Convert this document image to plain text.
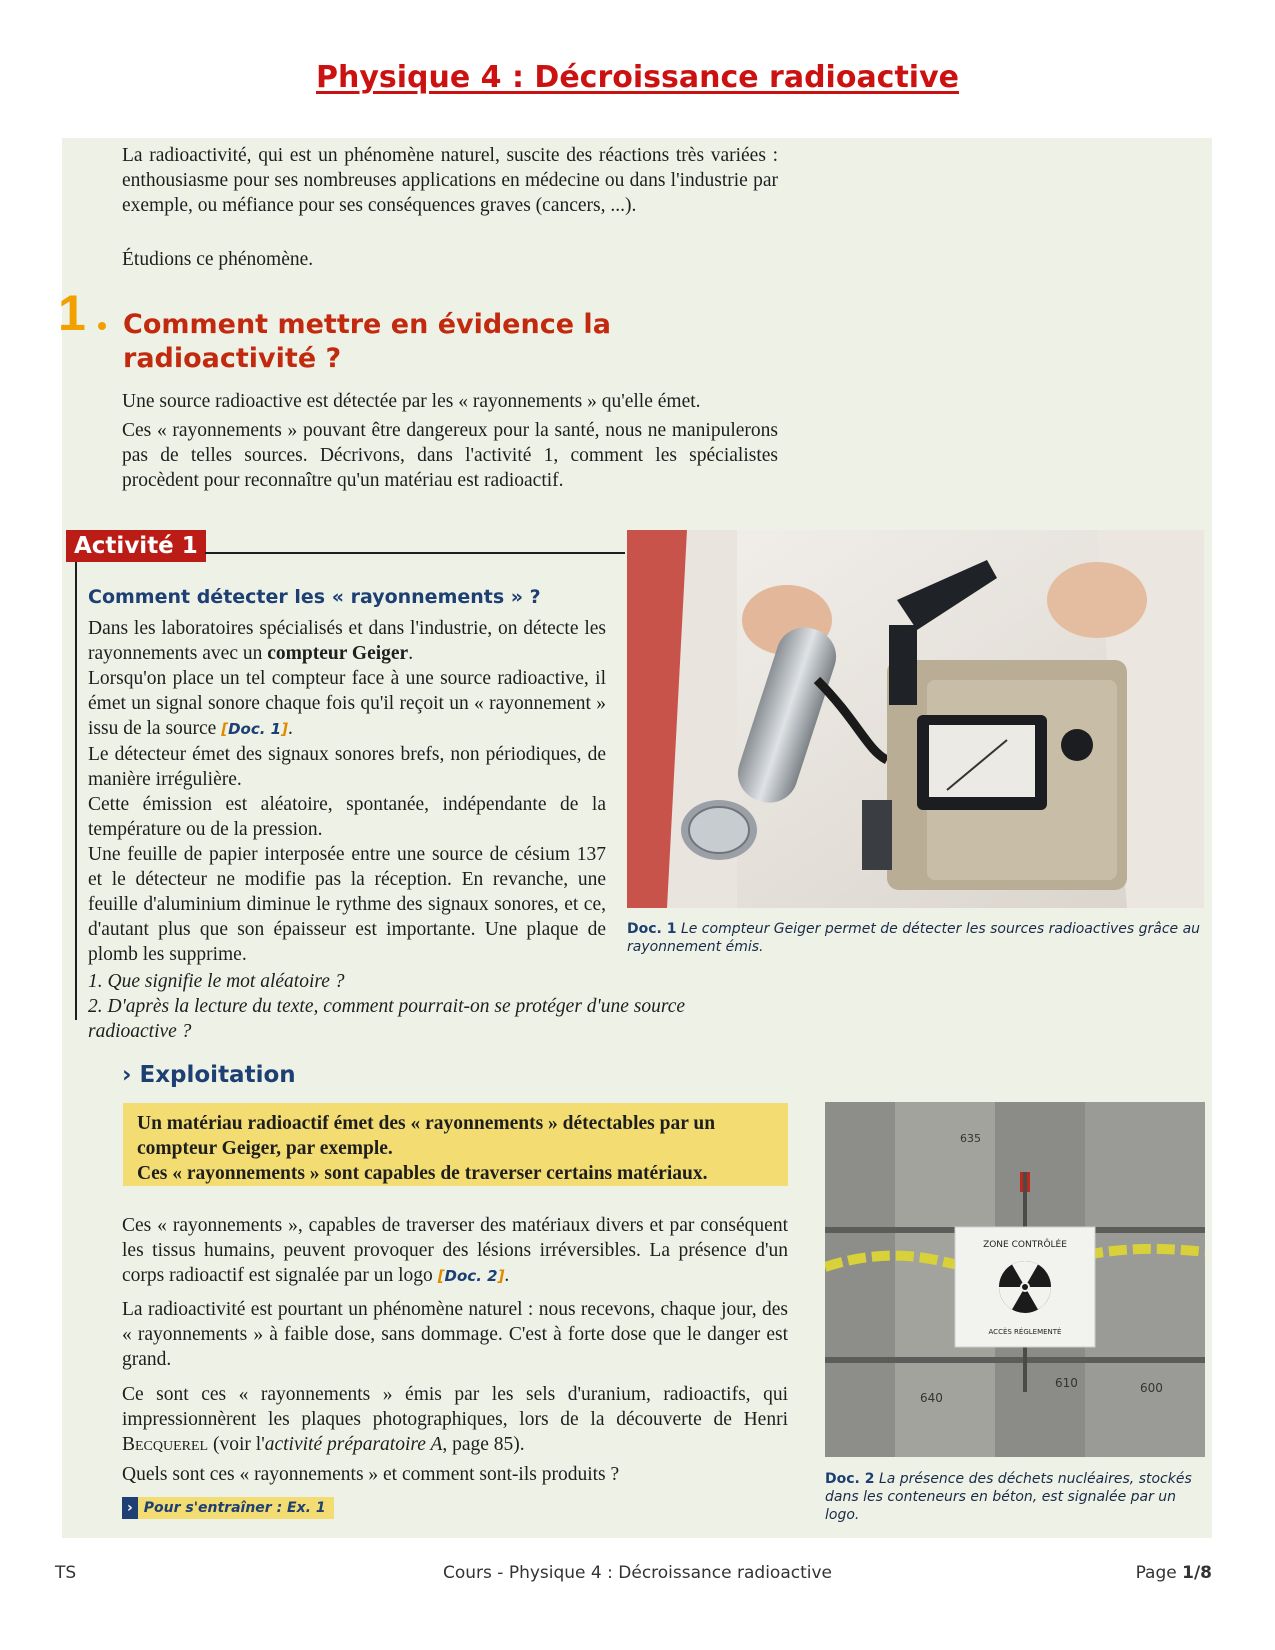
Physique 4 : Décroissance radioactive

La radioactivité, qui est un phénomène naturel, suscite des réactions très variées : enthousiasme pour ses nombreuses applications en médecine ou dans l'industrie par exemple, ou méfiance pour ses conséquences graves (cancers, ...).

Étudions ce phénomène.

1 Comment mettre en évidence la radioactivité ?

Une source radioactive est détectée par les « rayonnements » qu'elle émet.

Ces « rayonnements » pouvant être dangereux pour la santé, nous ne manipulerons pas de telles sources. Décrivons, dans l'activité 1, comment les spécialistes procèdent pour reconnaître qu'un matériau est radioactif.

Activité 1
Comment détecter les « rayonnements » ?
Dans les laboratoires spécialisés et dans l'industrie, on détecte les rayonnements avec un compteur Geiger.
Lorsqu'on place un tel compteur face à une source radioactive, il émet un signal sonore chaque fois qu'il reçoit un « rayonnement » issu de la source [Doc. 1].
Le détecteur émet des signaux sonores brefs, non périodiques, de manière irrégulière.
Cette émission est aléatoire, spontanée, indépendante de la température ou de la pression.
Une feuille de papier interposée entre une source de césium 137 et le détecteur ne modifie pas la réception. En revanche, une feuille d'aluminium diminue le rythme des signaux sonores, et ce, d'autant plus que son épaisseur est importante. Une plaque de plomb les supprime.

1. Que signifie le mot aléatoire ?

2. D'après la lecture du texte, comment pourrait-on se protéger d'une source radioactive ?

Doc. 1 Le compteur Geiger permet de détecter les sources radioactives grâce au rayonnement émis.
› Exploitation

Un matériau radioactif émet des « rayonnements » détectables par un compteur Geiger, par exemple.

Ces « rayonnements » sont capables de traverser certains matériaux.

Ces « rayonnements », capables de traverser des matériaux divers et par conséquent les tissus humains, peuvent provoquer des lésions irréversibles. La présence d'un corps radioactif est signalée par un logo [Doc. 2].

La radioactivité est pourtant un phénomène naturel : nous recevons, chaque jour, des « rayonnements » à faible dose, sans dommage. C'est à forte dose que le danger est grand.

Ce sont ces « rayonnements » émis par les sels d'uranium, radioactifs, qui impressionnèrent les plaques photographiques, lors de la découverte de Henri Becquerel (voir l'activité préparatoire A, page 85).

Quels sont ces « rayonnements » et comment sont-ils produits ?

› Pour s'entraîner : Ex. 1
ZONE CONTRÔLÉE
ACCÈS RÉGLEMENTÉ
635
610	600
640
Doc. 2 La présence des déchets nucléaires, stockés dans les conteneurs en béton, est signalée par un logo.
TS	Cours - Physique 4 : Décroissance radioactive	Page 1/8
